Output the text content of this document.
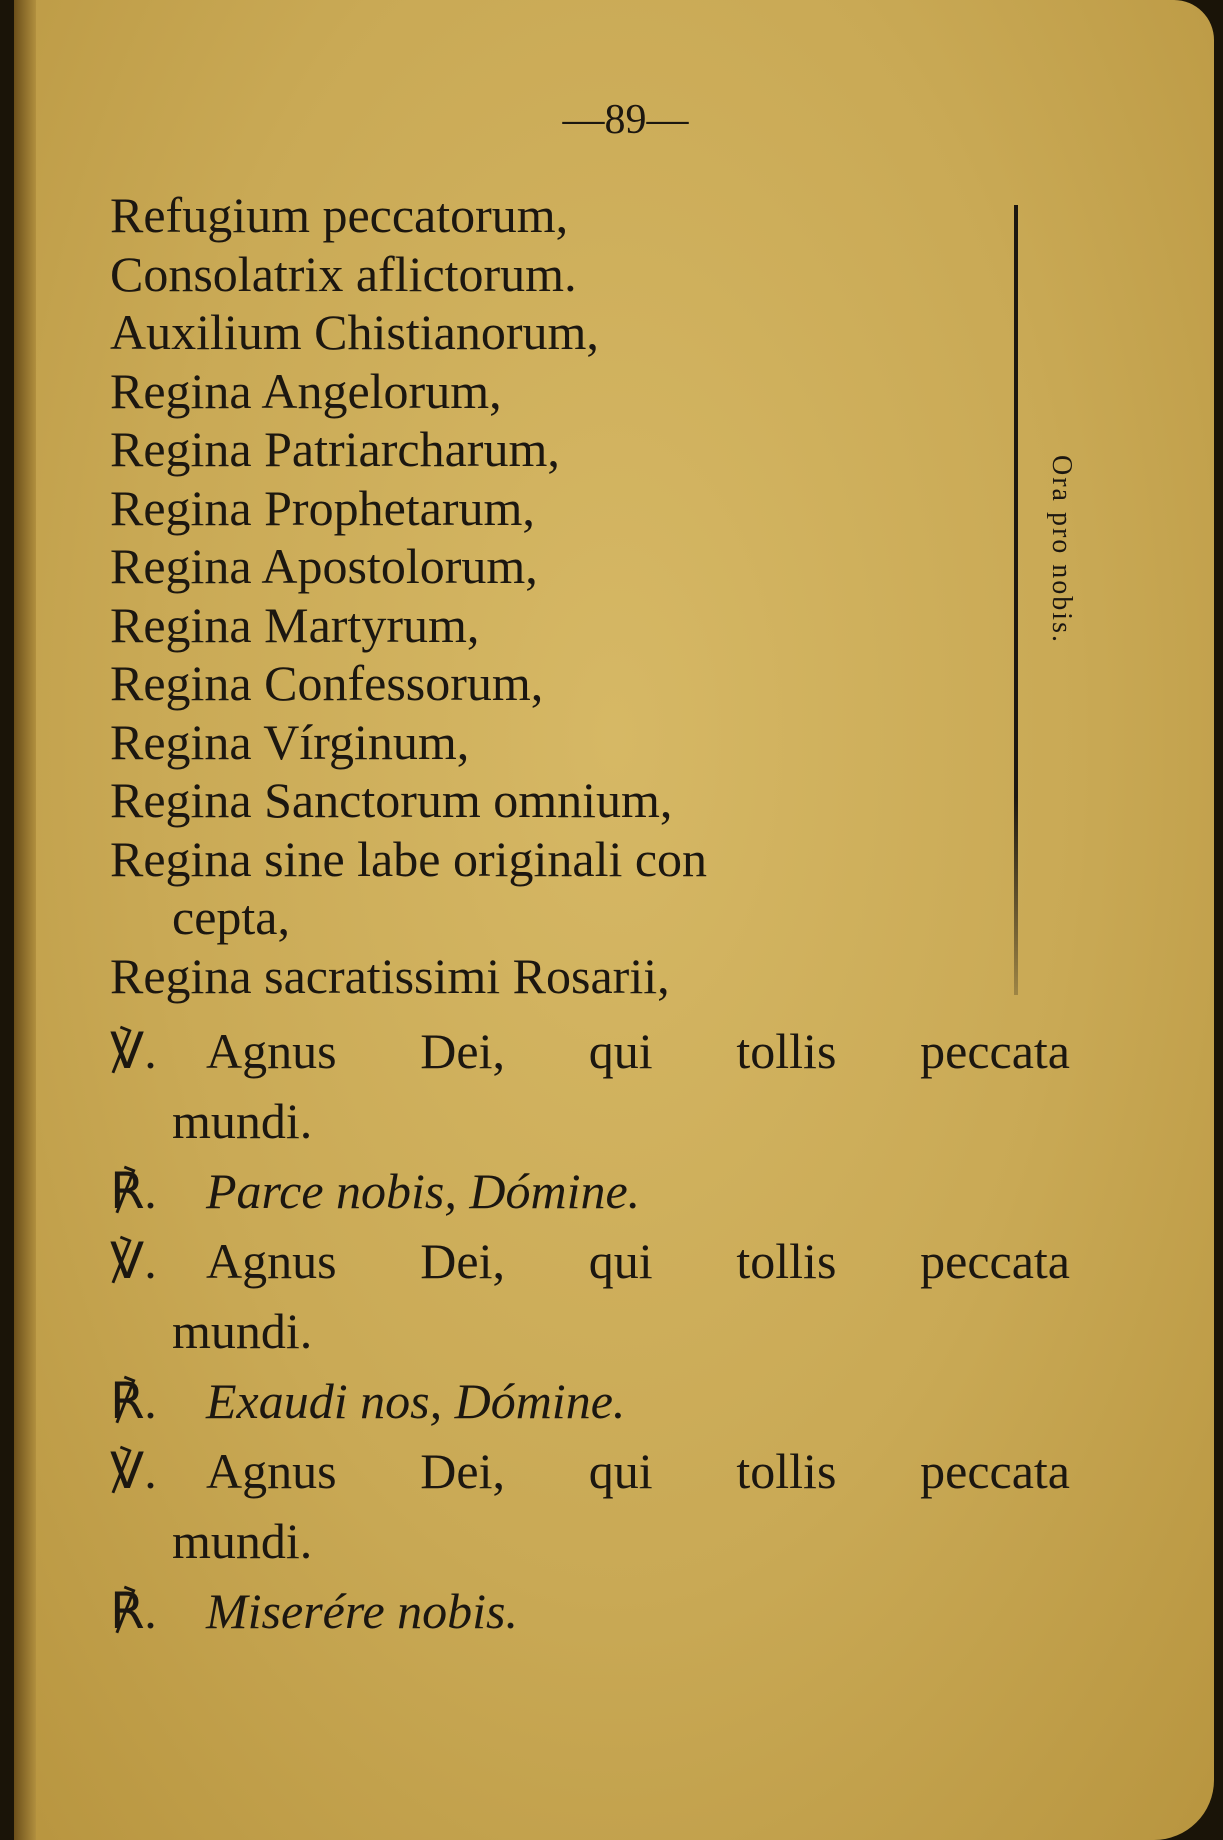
—89—
Refugium peccatorum,
Consolatrix aflictorum.
Auxilium Chistianorum,
Regina Angelorum,
Regina Patriarcharum,
Regina Prophetarum,
Regina Apostolorum,
Regina Martyrum,
Regina Confessorum,
Regina Vírginum,
Regina Sanctorum omnium,
Regina sine labe originali con
cepta,
Regina sacratissimi Rosarii,
Ora pro nobis.
℣. Agnus Dei, qui tollis peccata
mundi.
℟. Parce nobis, Dómine.
℣. Agnus Dei, qui tollis peccata
mundi.
℟. Exaudi nos, Dómine.
℣. Agnus Dei, qui tollis peccata
mundi.
℟. Miserére nobis.
